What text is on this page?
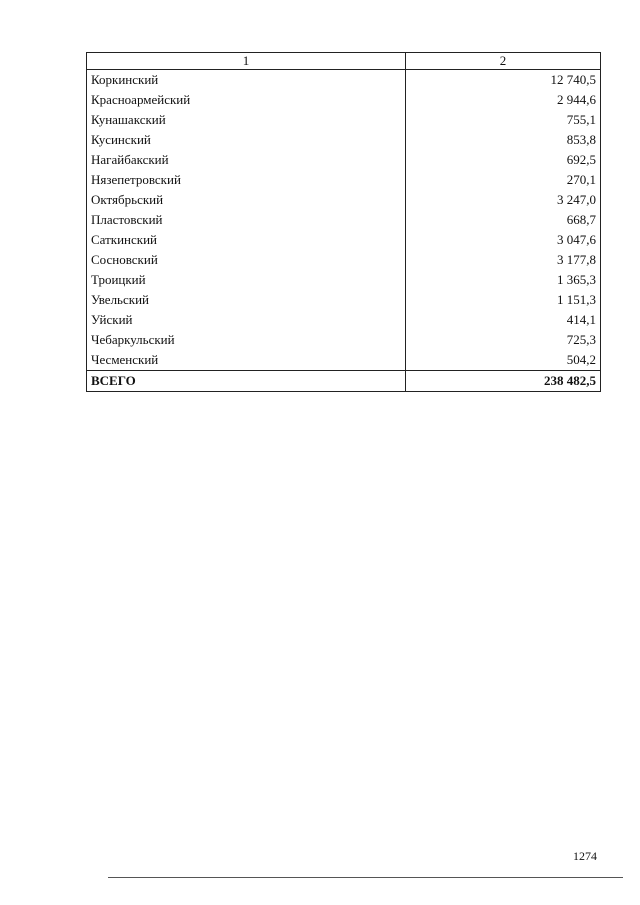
1	2
Коркинский	12 740,5
Красноармейский	2 944,6
Кунашакский	755,1
Кусинский	853,8
Нагайбакский	692,5
Нязепетровский	270,1
Октябрьский	3 247,0
Пластовский	668,7
Саткинский	3 047,6
Сосновский	3 177,8
Троицкий	1 365,3
Увельский	1 151,3
Уйский	414,1
Чебаркульский	725,3
Чесменский	504,2
ВСЕГО	238 482,5
1274
